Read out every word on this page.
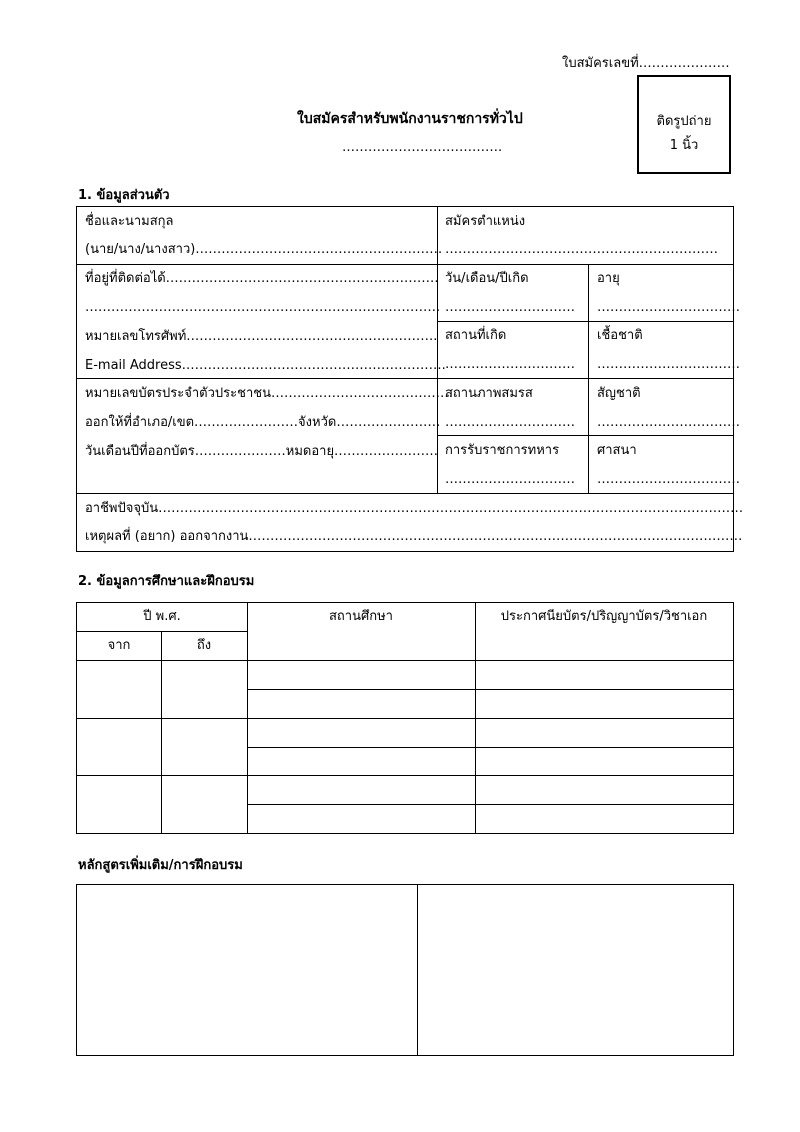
ใบสมัครเลขที่…………………
ใบสมัครสำหรับพนักงานราชการทั่วไป
……………………………….
ติดรูปถ่าย
1 นิ้ว
1. ข้อมูลส่วนตัว
ชื่อและนามสกุล
(นาย/นาง/นางสาว)…………………………………………………
สมัครตำแหน่ง
………………………………………………………
ที่อยู่ที่ติดต่อได้………………………………………………………
……………………………………………………………………….
หมายเลขโทรศัพท์………………………………………………….
E-mail Address…………………………………………………….
วัน/เดือน/ปีเกิด
…………………………
อายุ
……………………………
สถานที่เกิด
…………………………
เชื้อชาติ
……………………………
หมายเลขบัตรประจำตัวประชาชน……………………………………
ออกให้ที่อำเภอ/เขต……………………จังหวัด……………………
วันเดือนปีที่ออกบัตร…………………หมดอายุ……………………
สถานภาพสมรส
…………………………
สัญชาติ
……………………………
การรับราชการทหาร
…………………………
ศาสนา
……………………………
อาชีพปัจจุบัน………………………………………………………………………………………………………………………
เหตุผลที่ (อยาก) ออกจากงาน……………………………………………………………………………………………………
2. ข้อมูลการศึกษาและฝึกอบรม
ปี พ.ศ.
จาก	ถึง
สถานศึกษา	ประกาศนียบัตร/ปริญญาบัตร/วิชาเอก
หลักสูตรเพิ่มเติม/การฝึกอบรม
